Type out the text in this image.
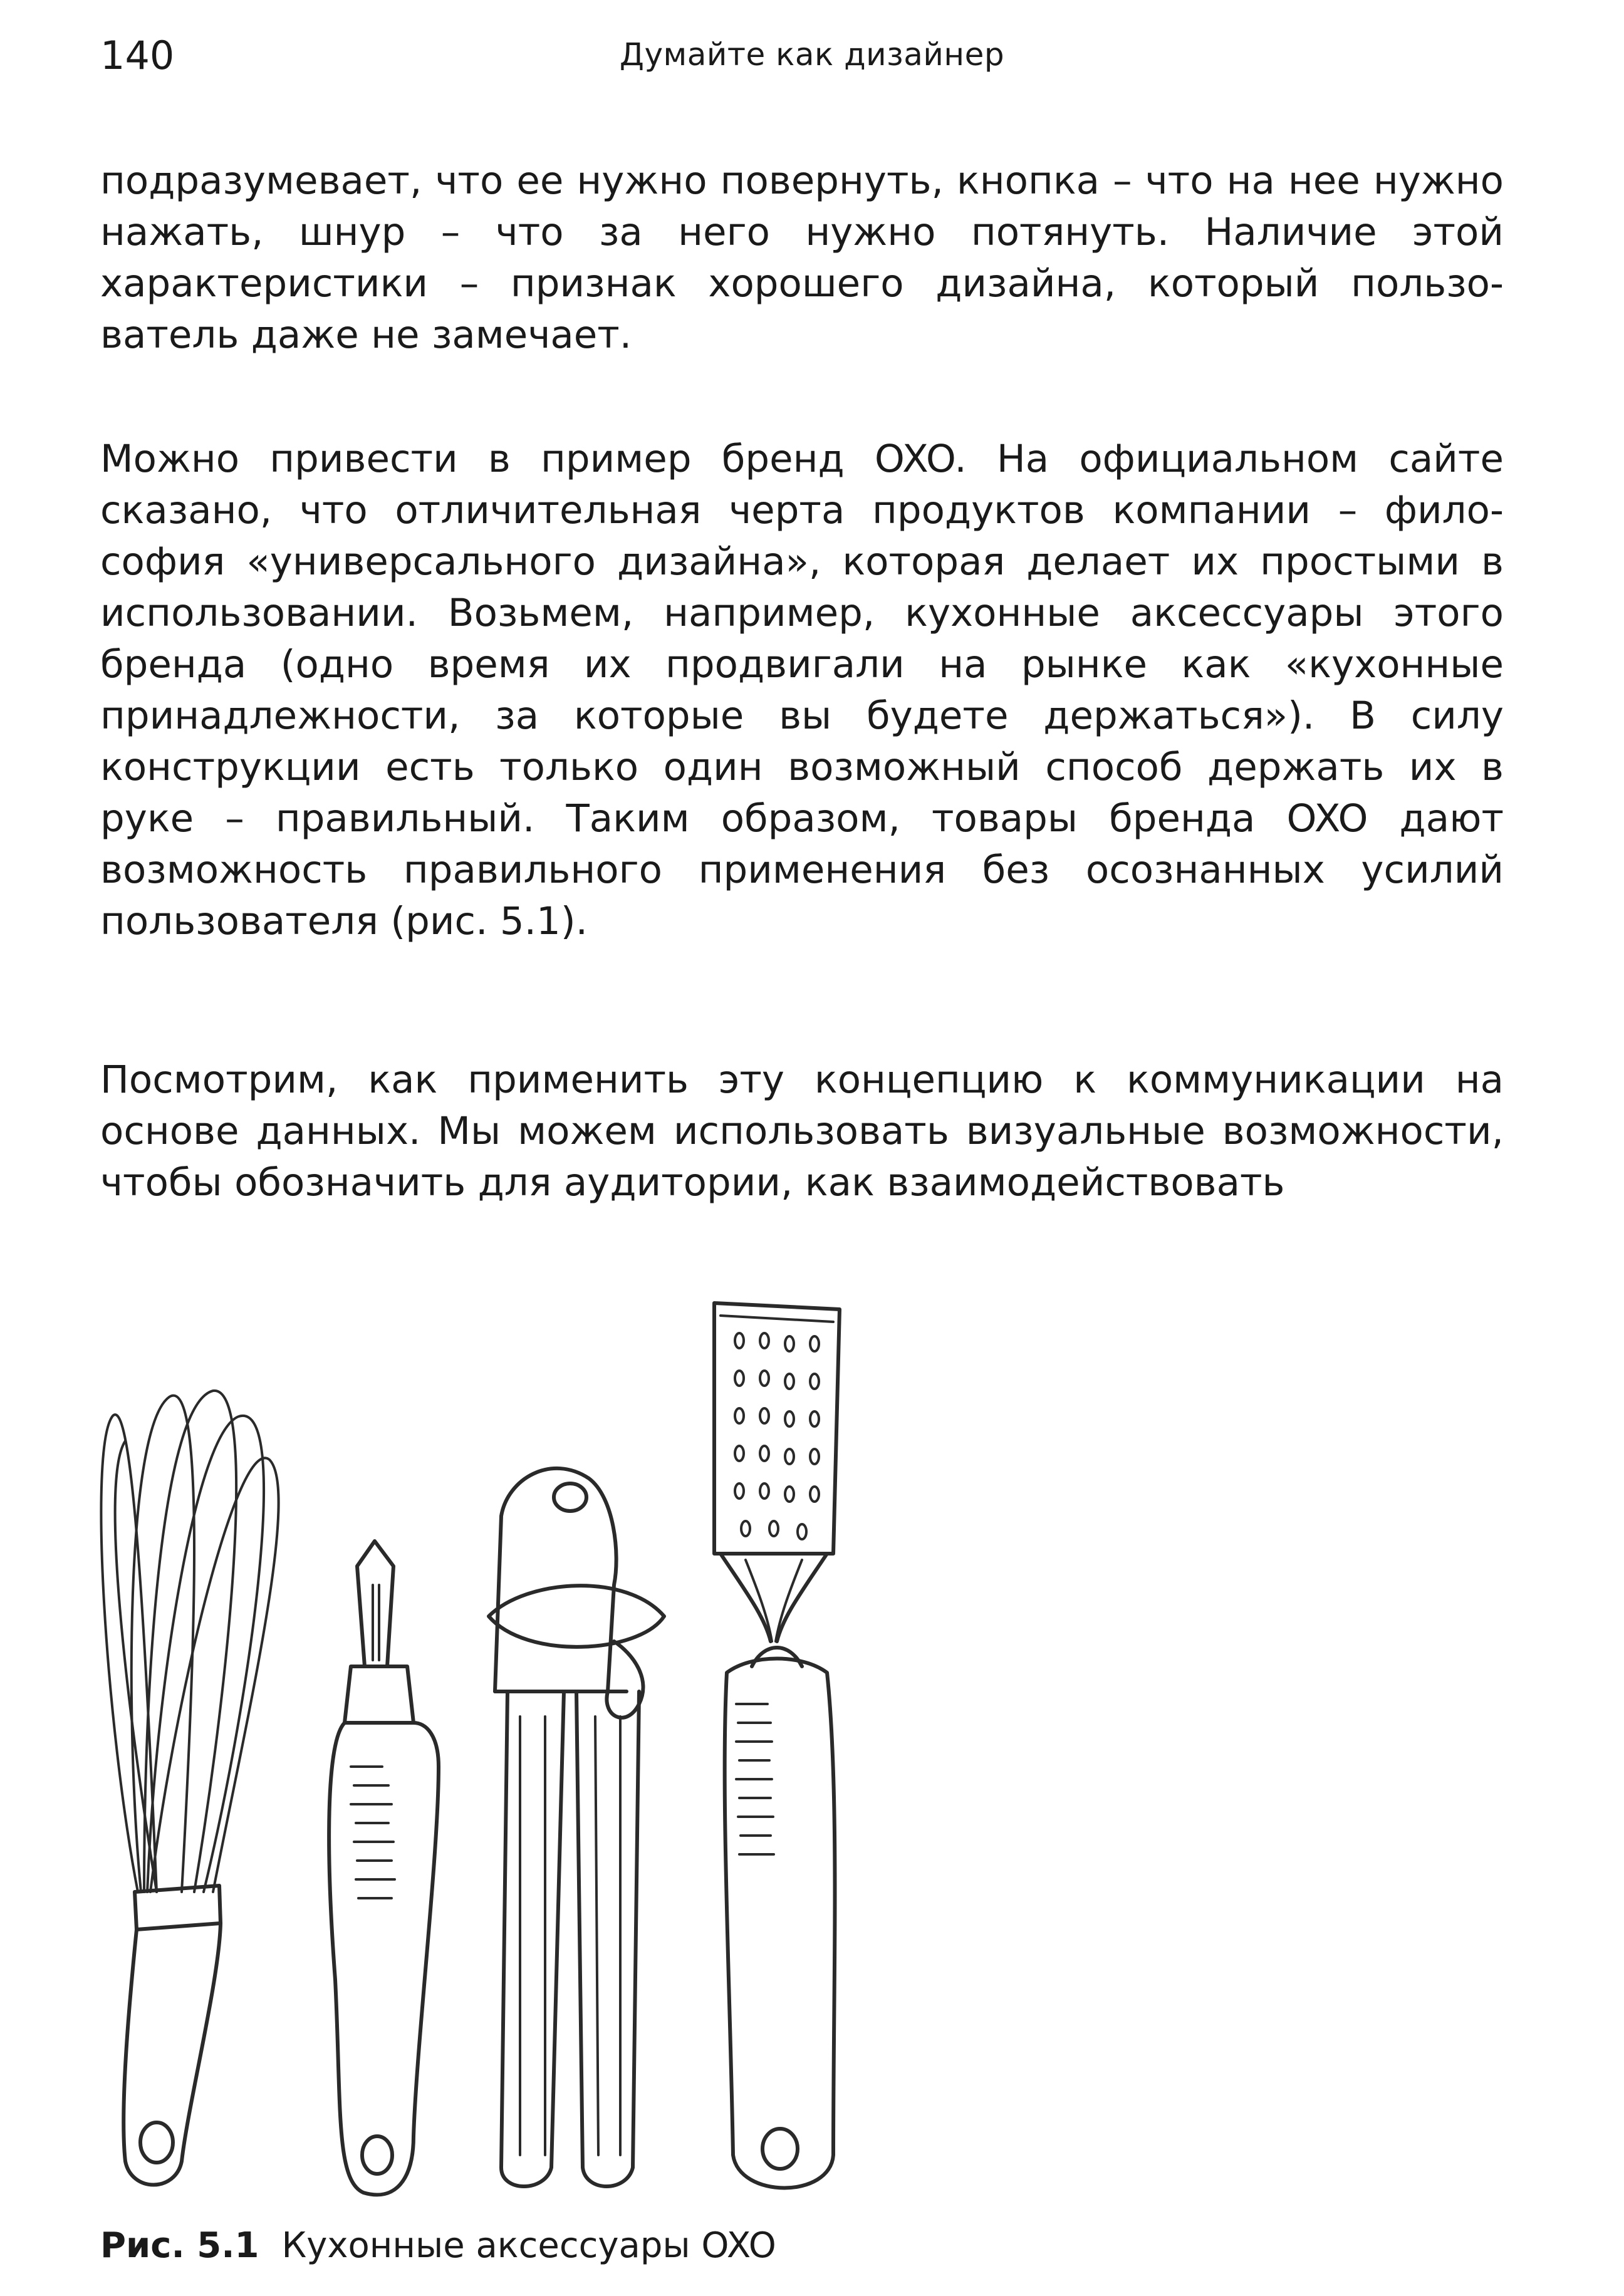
140	Думайте как дизайнер

подразумевает, что ее нужно повернуть, кнопка – что на нее нужно нажать, шнур – что за него нужно потянуть. Наличие этой характеристики – признак хорошего дизайна, который пользователь даже не замечает.

Можно привести в пример бренд OXO. На официальном сайте сказано, что отличительная черта продуктов компании – философия «универсального дизайна», которая делает их простыми в использовании. Возьмем, например, кухонные аксессуары этого бренда (одно время их продвигали на рынке как «кухонные принадлежности, за которые вы будете держаться»). В силу конструкции есть только один возможный способ держать их в руке – правильный. Таким образом, товары бренда OXO дают возможность правильного применения без осознанных усилий пользователя (рис. 5.1).

Посмотрим, как применить эту концепцию к коммуникации на основе данных. Мы можем использовать визуальные возможности, чтобы обозначить для аудитории, как взаимодействовать

Рис. 5.1 Кухонные аксессуары OXO
